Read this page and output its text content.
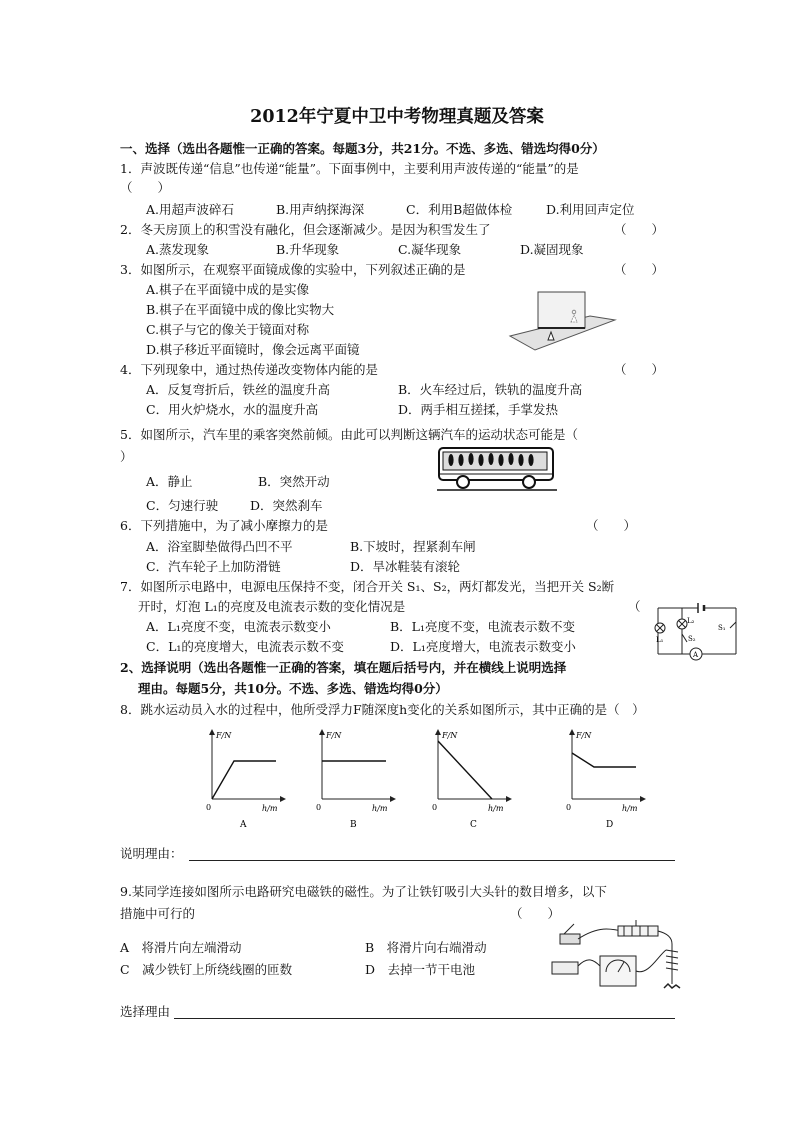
2012年宁夏中卫中考物理真题及答案
一、选择（选出各题惟一正确的答案。每题3分，共21分。不选、多选、错选均得0分）
1．声波既传递“信息”也传递“能量”。下面事例中，主要利用声波传递的“能量”的是
（　　）
A.用超声波碎石	B.用声纳探海深	C．利用B超做体检	D.利用回声定位
2．冬天房顶上的积雪没有融化，但会逐渐减少。是因为积雪发生了	（　　）
A.蒸发现象	B.升华现象	C.凝华现象	D.凝固现象
3．如图所示，在观察平面镜成像的实验中，下列叙述正确的是	（　　）
A.棋子在平面镜中成的是实像
B.棋子在平面镜中成的像比实物大
C.棋子与它的像关于镜面对称
D.棋子移近平面镜时，像会远离平面镜
4．下列现象中，通过热传递改变物体内能的是	（　　）
A．反复弯折后，铁丝的温度升高	B．火车经过后，铁轨的温度升高
C．用火炉烧水，水的温度升高	D．两手相互搓揉，手掌发热
5．如图所示，汽车里的乘客突然前倾。由此可以判断这辆汽车的运动状态可能是（
）
A．静止	B．突然开动
C．匀速行驶	D．突然刹车
6．下列措施中，为了减小摩擦力的是	（　　）
A．浴室脚垫做得凸凹不平	B.下坡时，捏紧刹车闸
C．汽车轮子上加防滑链	D．旱冰鞋装有滚轮
7．如图所示电路中，电源电压保持不变，闭合开关 S₁、S₂，两灯都发光，当把开关 S₂断
开时，灯泡 L₁的亮度及电流表示数的变化情况是	（
A．L₁亮度不变，电流表示数变小	B．L₁亮度不变，电流表示数不变
C．L₁的亮度增大，电流表示数不变	D．L₁亮度增大，电流表示数变小	L₁
L₂
S₁
S₂
A
2、选择说明（选出各题惟一正确的答案，填在题后括号内，并在横线上说明选择
理由。每题5分，共10分。不选、多选、错选均得0分）
8．跳水运动员入水的过程中，他所受浮力F随深度h变化的关系如图所示，其中正确的是（　）
F/N
h/m
0
A
F/N
h/m
0
B
F/N
h/m
0
C
F/N
h/m
0
D
说明理由：
9.某同学连接如图所示电路研究电磁铁的磁性。为了让铁钉吸引大头针的数目增多，以下
措施中可行的	（　　）
A　将滑片向左端滑动	B　将滑片向右端滑动
C　减少铁钉上所绕线圈的匝数	D　去掉一节干电池
选择理由
